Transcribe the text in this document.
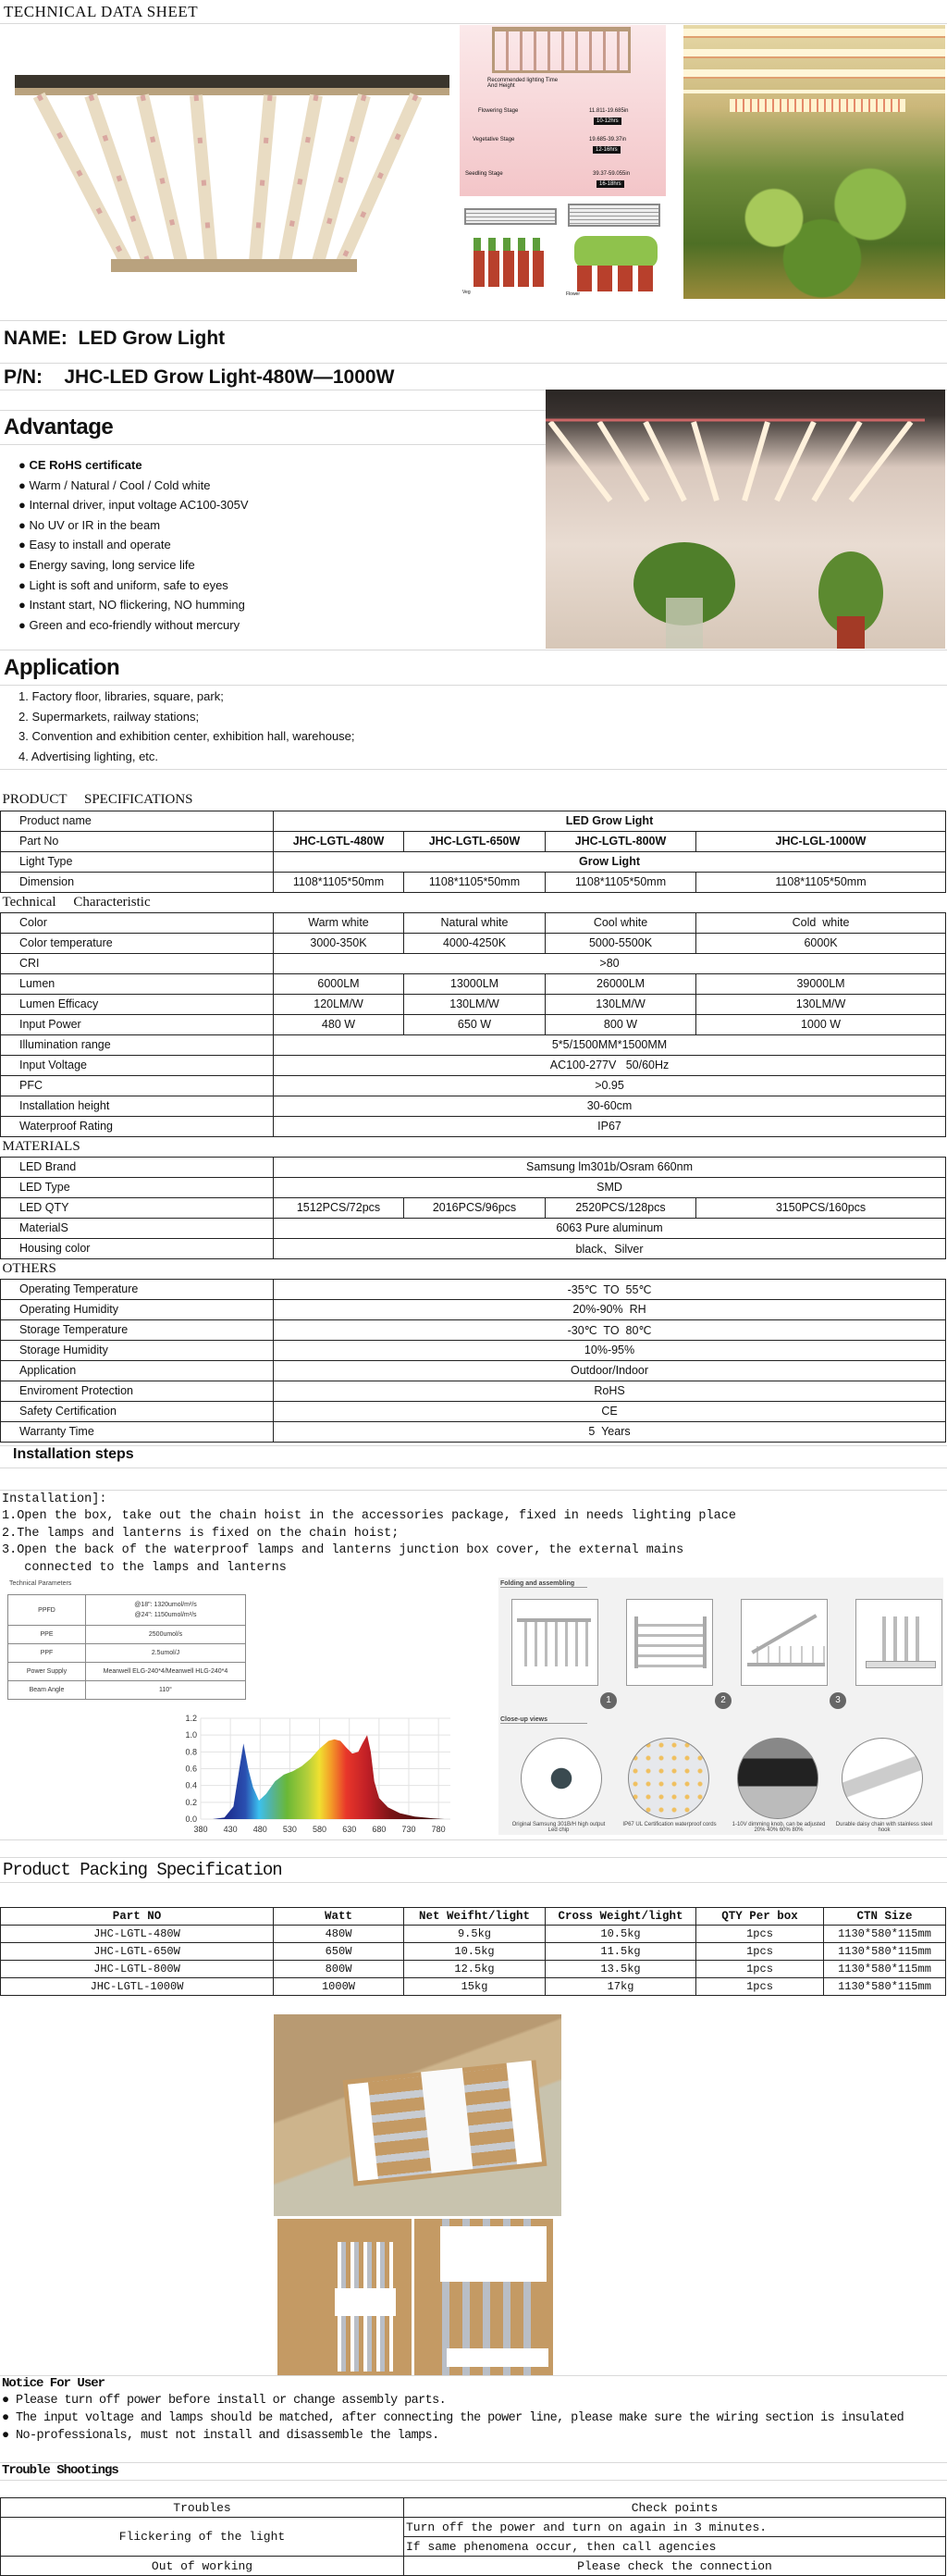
TECHNICAL DATA SHEET
Recommended lighting Time And Height
Flowering Stage	11.811-19.685in
10-12hrs
Vegetative Stage	19.685-39.37in
12-16hrs
Seedling Stage	39.37-59.055in
16-18hrs
Veg	Flower
NAME: LED Grow Light
P/N: JHC-LED Grow Light-480W—1000W
Advantage
● CE RoHS certificate
● Warm / Natural / Cool / Cold white
● Internal driver, input voltage AC100-305V
● No UV or IR in the beam
● Easy to install and operate
● Energy saving, long service life
● Light is soft and uniform, safe to eyes
● Instant start, NO flickering, NO humming
● Green and eco-friendly without mercury
Application
1. Factory floor, libraries, square, park;
2. Supermarkets, railway stations;
3. Convention and exhibition center, exhibition hall, warehouse;
4. Advertising lighting, etc.
PRODUCT     SPECIFICATIONS				
Product name	LED Grow Light			
Part No	JHC-LGTL-480W	JHC-LGTL-650W	JHC-LGTL-800W	JHC-LGL-1000W
Light Type	Grow Light			
Dimension	1108*1105*50mm	1108*1105*50mm	1108*1105*50mm	1108*1105*50mm
Technical     Characteristic				
Color	Warm white	Natural white	Cool white	Cold  white
Color temperature	3000-350K	4000-4250K	5000-5500K	6000K
CRI	>80			
Lumen	6000LM	13000LM	26000LM	39000LM
Lumen Efficacy	120LM/W	130LM/W	130LM/W	130LM/W
Input Power	480 W	650 W	800 W	1000 W
Illumination range	5*5/1500MM*1500MM			
Input Voltage	AC100-277V   50/60Hz			
PFC	>0.95			
Installation height	30-60cm			
Waterproof Rating	IP67			
MATERIALS				
LED Brand	Samsung lm301b/Osram 660nm			
LED Type	SMD			
LED QTY	1512PCS/72pcs	2016PCS/96pcs	2520PCS/128pcs	3150PCS/160pcs
MaterialS	6063 Pure aluminum			
Housing color	black、Silver			
OTHERS				
Operating Temperature	-35℃  TO  55℃			
Operating Humidity	20%-90%  RH			
Storage Temperature	-30℃  TO  80℃			
Storage Humidity	10%-95%			
Application	Outdoor/Indoor			
Enviroment Protection	RoHS			
Safety Certification	CE			
Warranty Time	5  Years			
Installation steps
Installation]:
1.Open the box, take out the chain hoist in the accessories package, fixed in needs lighting place
2.The lamps and lanterns is fixed on the chain hoist;
3.Open the back of the waterproof lamps and lanterns junction box cover, the external mains
connected to the lamps and lanterns
Technical Parameters
PPFD	@18": 1320umol/m²/s
@24": 1150umol/m²/s

PPE	2500umol/s

PPF	2.5umol/J

Power Supply	Meanwell ELG-240*4/Meanwell HLG-240*4

Beam Angle	110°
380 430 480 530 580 630 680 730 780
0.0
0.2
0.4
0.6
0.8
1.0
1.2
Folding and assembling
1	2	3
Close-up views
Original Samsung 301B/H high output Led chip
IP67 UL Certification waterproof cords	1-10V dimming knob, can be adjusted 20% 40% 60% 80%
Durable daisy chain with stainless steel hook
Product Packing Specification
Part NO	Watt	Net Weifht/light	Cross Weight/light	QTY Per box	CTN Size
JHC-LGTL-480W	480W	9.5kg	10.5kg	1pcs	1130*580*115mm
JHC-LGTL-650W	650W	10.5kg	11.5kg	1pcs	1130*580*115mm
JHC-LGTL-800W	800W	12.5kg	13.5kg	1pcs	1130*580*115mm
JHC-LGTL-1000W	1000W	15kg	17kg	1pcs	1130*580*115mm
Notice For User
● Please turn off power before install or change assembly parts.
● The input voltage and lamps should be matched, after connecting the power line, please make sure the wiring section is insulated
● No-professionals, must not install and disassemble the lamps.
Trouble Shootings
Troubles	Check points
Flickering of the light	Turn off the power and turn on again in 3 minutes.
	If same phenomena occur, then call agencies
Out of working	Please check the connection
